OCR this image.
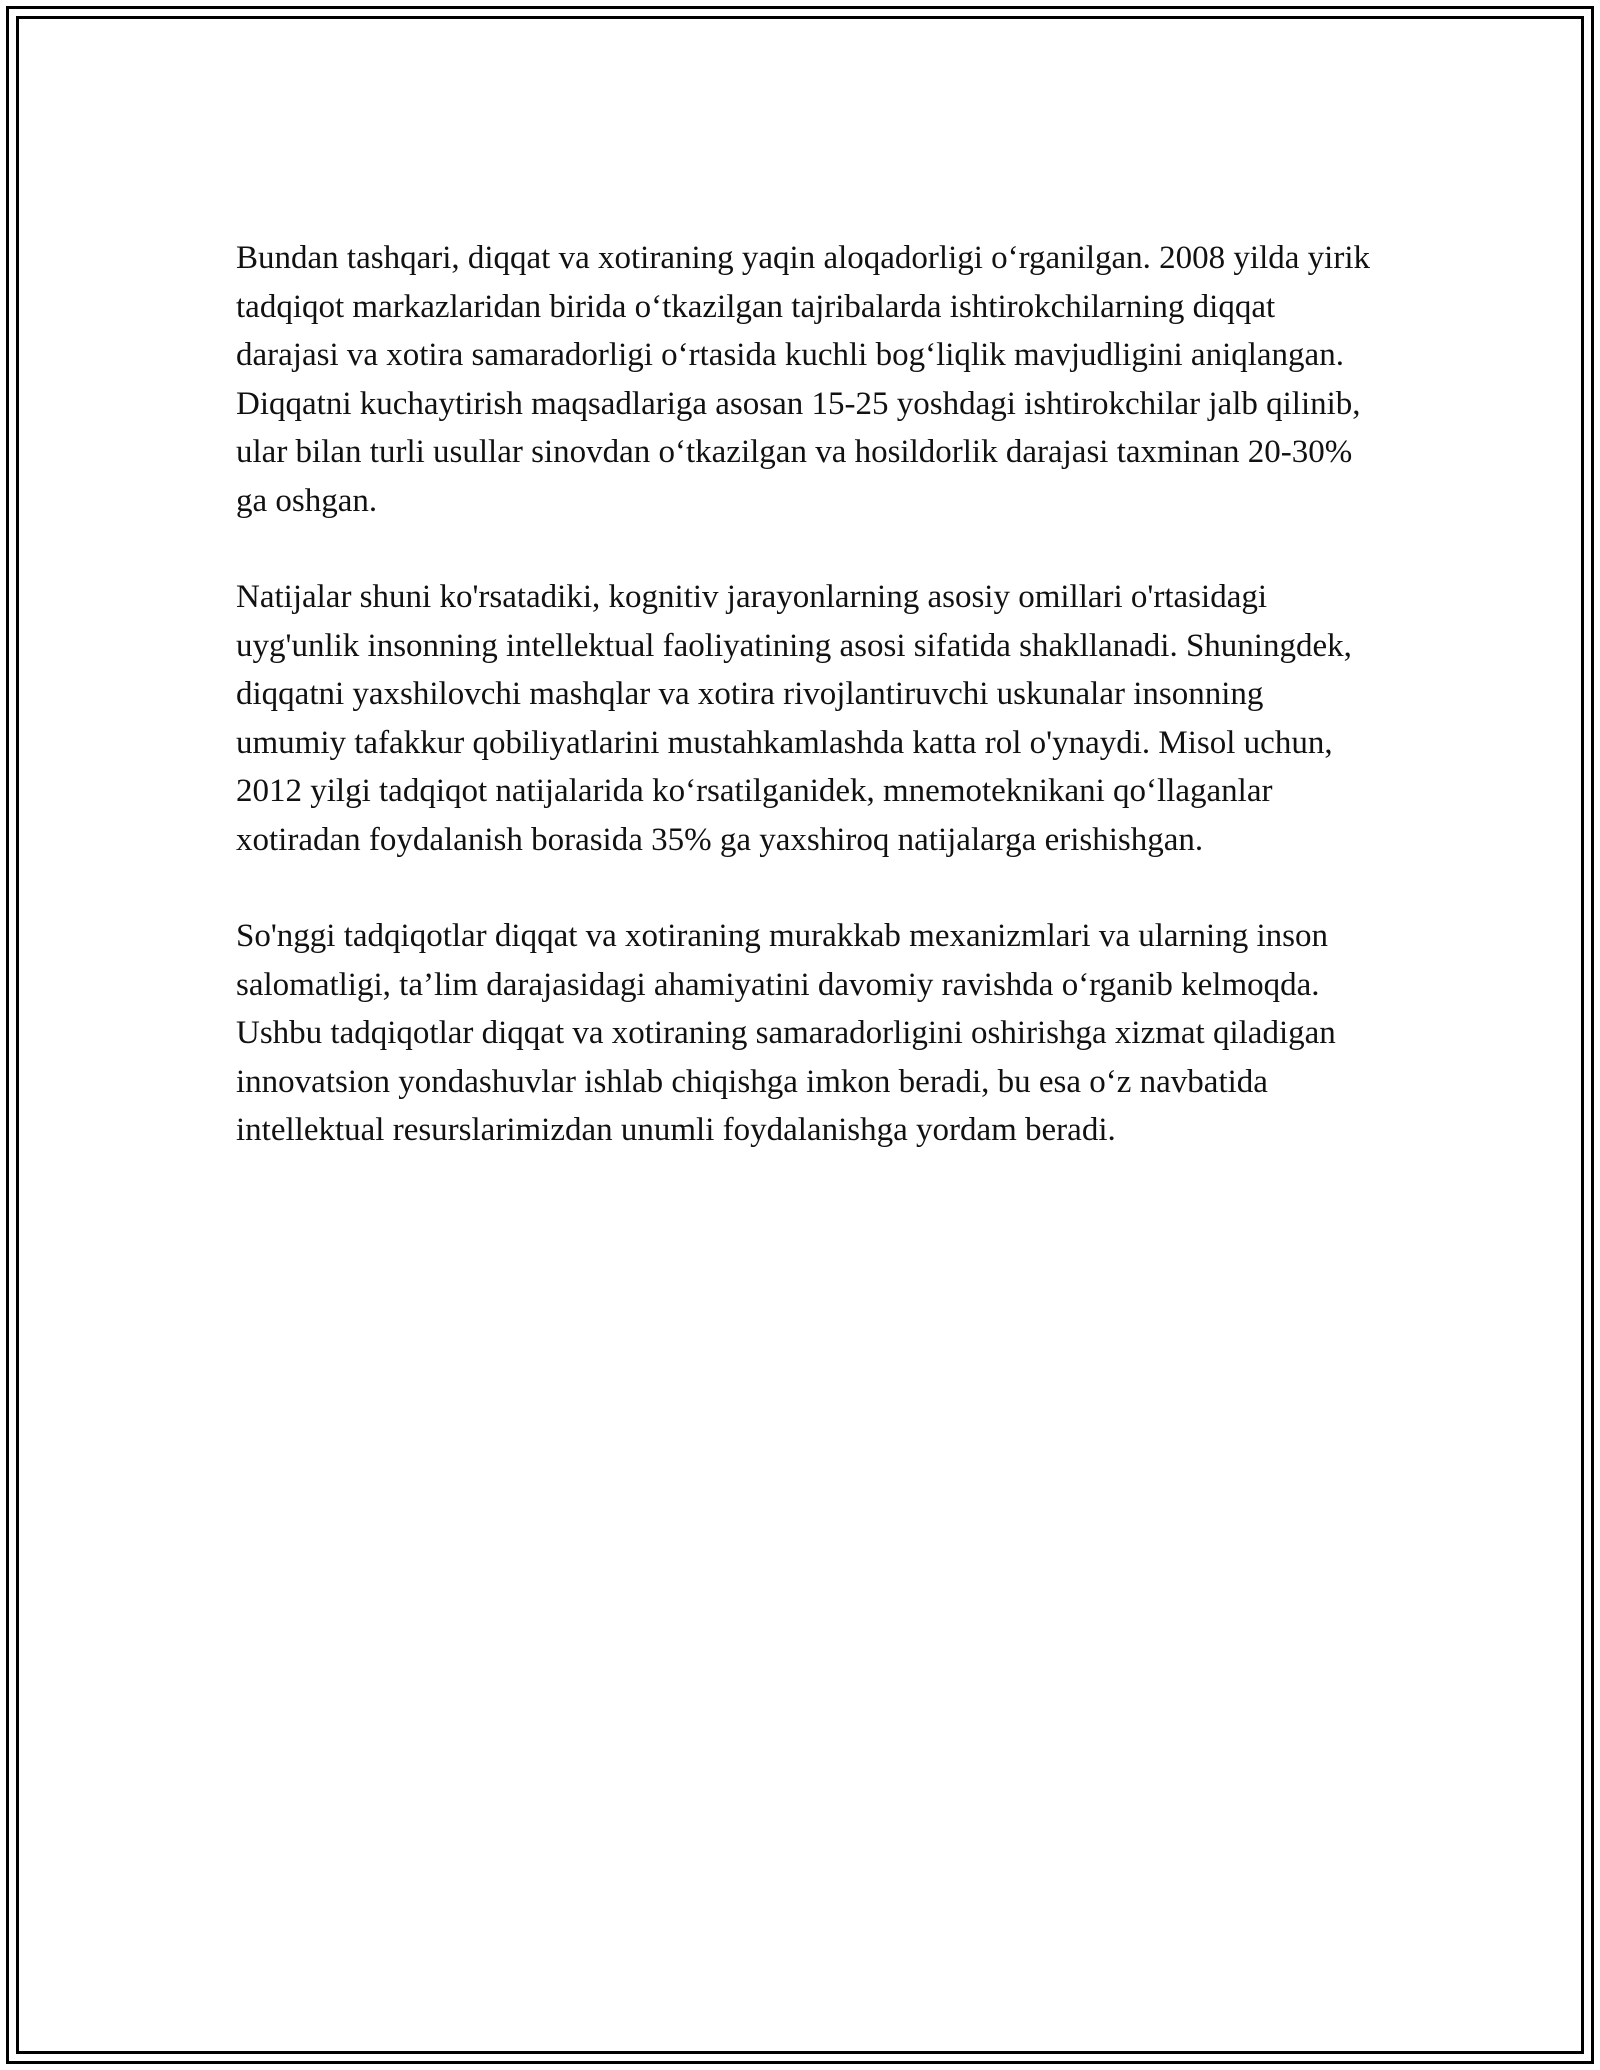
Bundan tashqari, diqqat va xotiraning yaqin aloqadorligi o‘rganilgan. 2008 yilda yirik tadqiqot markazlaridan birida o‘tkazilgan tajribalarda ishtirokchilarning diqqat darajasi va xotira samaradorligi o‘rtasida kuchli bog‘liqlik mavjudligini aniqlangan. Diqqatni kuchaytirish maqsadlariga asosan 15-25 yoshdagi ishtirokchilar jalb qilinib, ular bilan turli usullar sinovdan o‘tkazilgan va hosildorlik darajasi taxminan 20-30% ga oshgan.

Natijalar shuni ko'rsatadiki, kognitiv jarayonlarning asosiy omillari o'rtasidagi uyg'unlik insonning intellektual faoliyatining asosi sifatida shakllanadi. Shuningdek, diqqatni yaxshilovchi mashqlar va xotira rivojlantiruvchi uskunalar insonning umumiy tafakkur qobiliyatlarini mustahkamlashda katta rol o'ynaydi. Misol uchun, 2012 yilgi tadqiqot natijalarida ko‘rsatilganidek, mnemoteknikani qo‘llaganlar xotiradan foydalanish borasida 35% ga yaxshiroq natijalarga erishishgan.

So'nggi tadqiqotlar diqqat va xotiraning murakkab mexanizmlari va ularning inson salomatligi, ta’lim darajasidagi ahamiyatini davomiy ravishda o‘rganib kelmoqda. Ushbu tadqiqotlar diqqat va xotiraning samaradorligini oshirishga xizmat qiladigan innovatsion yondashuvlar ishlab chiqishga imkon beradi, bu esa o‘z navbatida intellektual resurslarimizdan unumli foydalanishga yordam beradi.
